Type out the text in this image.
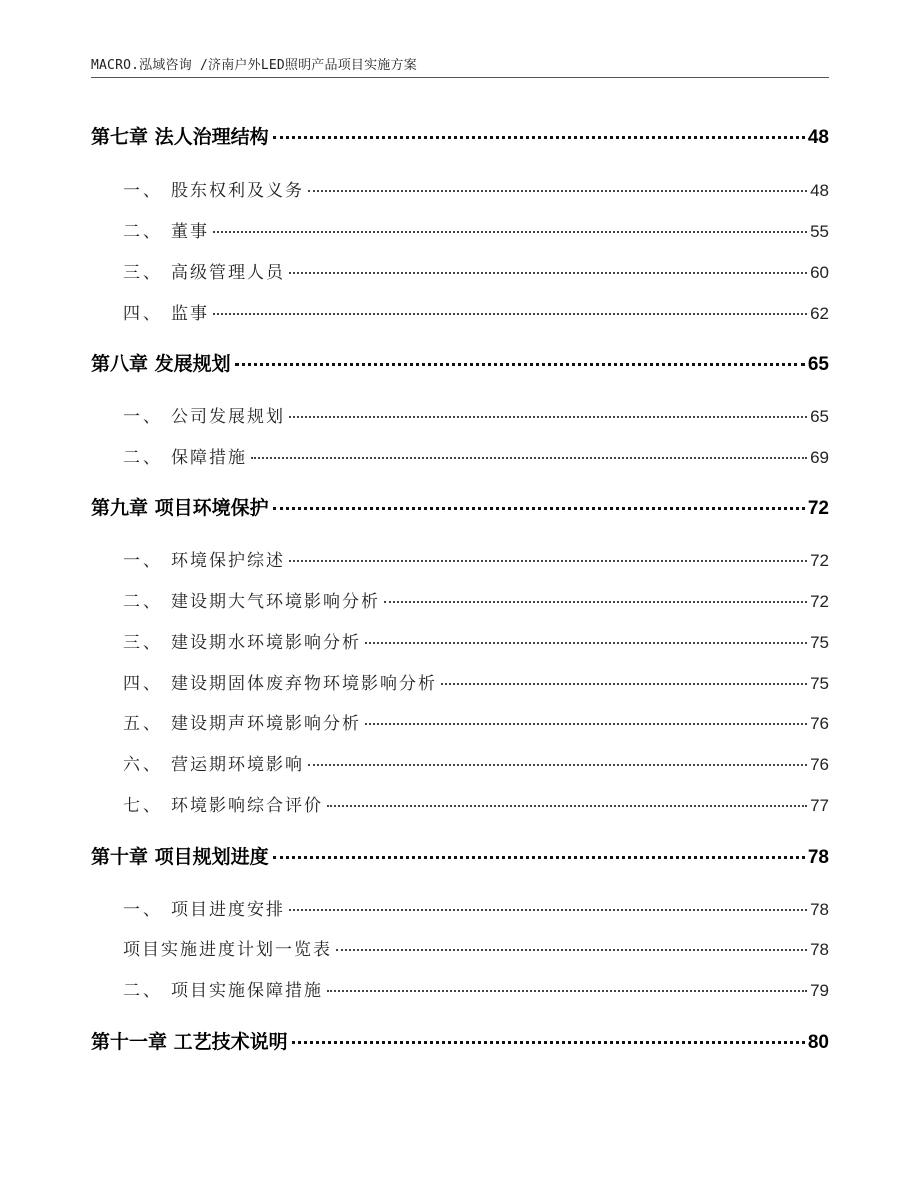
MACRO.泓域咨询 /济南户外LED照明产品项目实施方案
第七章 法人治理结构	48
一、 股东权利及义务	48
二、 董事	55
三、 高级管理人员	60
四、 监事	62
第八章 发展规划	65
一、 公司发展规划	65
二、 保障措施	69
第九章 项目环境保护	72
一、 环境保护综述	72
二、 建设期大气环境影响分析	72
三、 建设期水环境影响分析	75
四、 建设期固体废弃物环境影响分析	75
五、 建设期声环境影响分析	76
六、 营运期环境影响	76
七、 环境影响综合评价	77
第十章 项目规划进度	78
一、 项目进度安排	78
项目实施进度计划一览表	78
二、 项目实施保障措施	79
第十一章 工艺技术说明	80
